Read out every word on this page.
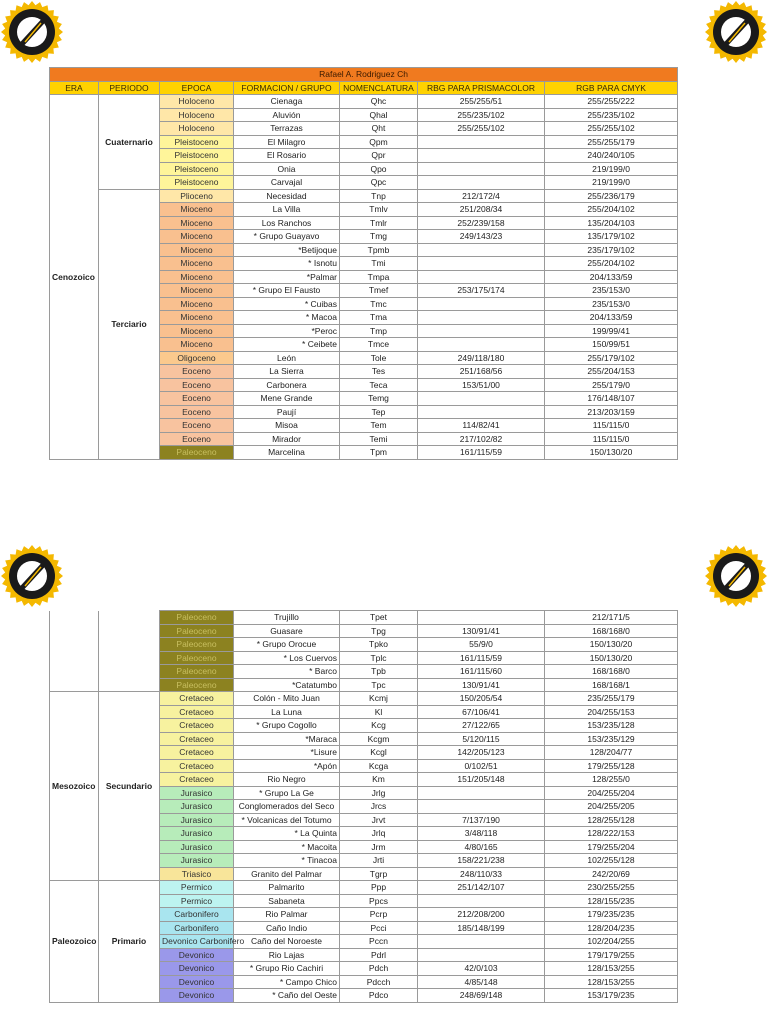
Rafael A. Rodriguez Ch						
ERA	PERIODO	EPOCA	FORMACION / GRUPO	NOMENCLATURA	RBG PARA PRISMACOLOR	RGB PARA CMYK
Cenozoico	Cuaternario	Holoceno	Cienaga	Qhc	255/255/51	255/255/222
		Holoceno	Aluvión	Qhal	255/235/102	255/235/102
		Holoceno	Terrazas	Qht	255/255/102	255/255/102
		Pleistoceno	El Milagro	Qpm		255/255/179
		Pleistoceno	El Rosario	Qpr		240/240/105
		Pleistoceno	Onia	Qpo		219/199/0
		Pleistoceno	Carvajal	Qpc		219/199/0
	Terciario	Plioceno	Necesidad	Tnp	212/172/4	255/236/179
		Mioceno	La Villa	Tmlv	251/208/34	255/204/102
		Mioceno	Los Ranchos	Tmlr	252/239/158	135/204/103
		Mioceno	* Grupo Guayavo	Tmg	249/143/23	135/179/102
		Mioceno	*Betijoque	Tpmb		235/179/102
		Mioceno	* Isnotu	Tmi		255/204/102
		Mioceno	*Palmar	Tmpa		204/133/59
		Mioceno	* Grupo El Fausto	Tmef	253/175/174	235/153/0
		Mioceno	* Cuibas	Tmc		235/153/0
		Mioceno	* Macoa	Tma		204/133/59
		Mioceno	*Peroc	Tmp		199/99/41
		Mioceno	* Ceibete	Tmce		150/99/51
		Oligoceno	León	Tole	249/118/180	255/179/102
		Eoceno	La Sierra	Tes	251/168/56	255/204/153
		Eoceno	Carbonera	Teca	153/51/00	255/179/0
		Eoceno	Mene Grande	Temg		176/148/107
		Eoceno	Paují	Tep		213/203/159
		Eoceno	Misoa	Tem	114/82/41	115/115/0
		Eoceno	Mirador	Temi	217/102/82	115/115/0
		Paleoceno	Marcelina	Tpm	161/115/59	150/130/20
		Paleoceno	Trujillo	Tpet		212/171/5
		Paleoceno	Guasare	Tpg	130/91/41	168/168/0
		Paleoceno	* Grupo Orocue	Tpko	55/9/0	150/130/20
		Paleoceno	* Los Cuervos	Tplc	161/115/59	150/130/20
		Paleoceno	* Barco	Tpb	161/115/60	168/168/0
		Paleoceno	*Catatumbo	Tpc	130/91/41	168/168/1
Mesozoico	Secundario	Cretaceo	Colón - Mito Juan	Kcmj	150/205/54	235/255/179
		Cretaceo	La Luna	Kl	67/106/41	204/255/153
		Cretaceo	* Grupo Cogollo	Kcg	27/122/65	153/235/128
		Cretaceo	*Maraca	Kcgm	5/120/115	153/235/129
		Cretaceo	*Lisure	Kcgl	142/205/123	128/204/77
		Cretaceo	*Apón	Kcga	0/102/51	179/255/128
		Cretaceo	Rio Negro	Km	151/205/148	128/255/0
		Jurasico	* Grupo La Ge	Jrlg		204/255/204
		Jurasico	Conglomerados del Seco	Jrcs		204/255/205
		Jurasico	* Volcanicas del Totumo	Jrvt	7/137/190	128/255/128
		Jurasico	* La Quinta	Jrlq	3/48/118	128/222/153
		Jurasico	* Macoita	Jrm	4/80/165	179/255/204
		Jurasico	* Tinacoa	Jrti	158/221/238	102/255/128
		Triasico	Granito del Palmar	Tgrp	248/110/33	242/20/69
Paleozoico	Primario	Permico	Palmarito	Ppp	251/142/107	230/255/255
		Permico	Sabaneta	Ppcs		128/155/235
		Carbonifero	Rio Palmar	Pcrp	212/208/200	179/235/235
		Carbonifero	Caño Indio	Pcci	185/148/199	128/204/235
		Devonico Carbonifero	Caño del Noroeste	Pccn		102/204/255
		Devonico	Rio Lajas	Pdrl		179/179/255
		Devonico	* Grupo Rio Cachiri	Pdch	42/0/103	128/153/255
		Devonico	* Campo Chico	Pdcch	4/85/148	128/153/255
		Devonico	* Caño del Oeste	Pdco	248/69/148	153/179/235
